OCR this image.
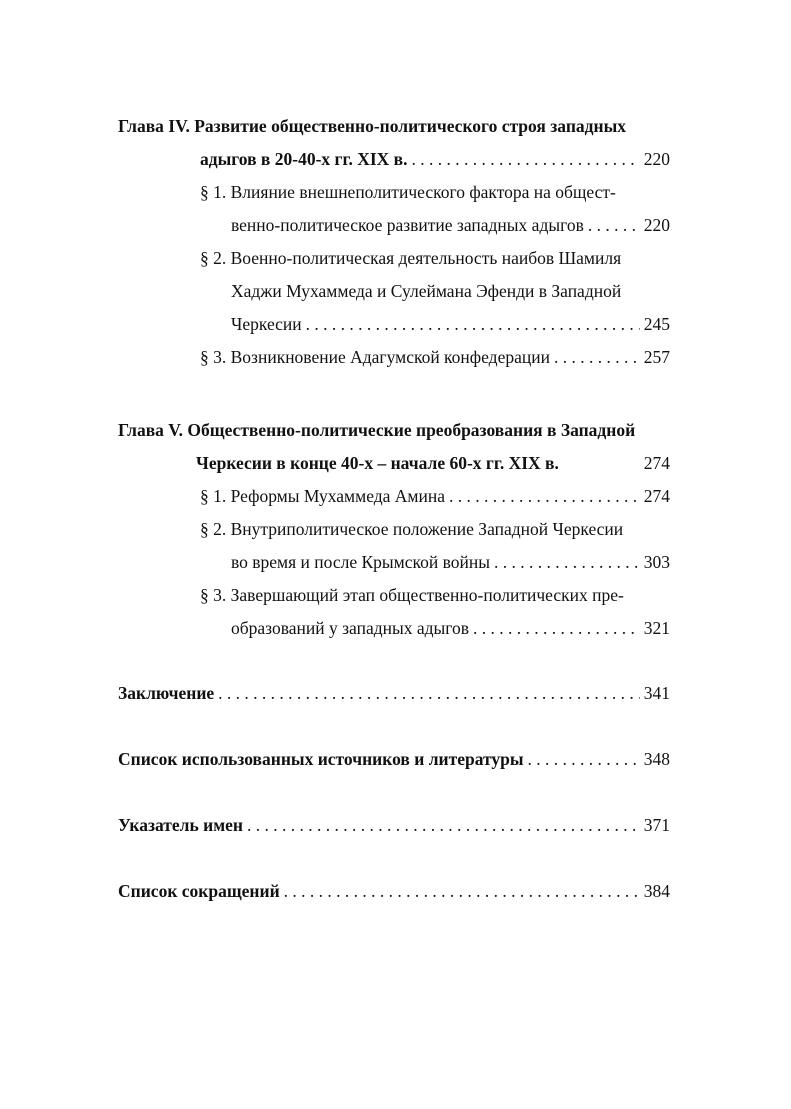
Глава IV. Развитие общественно-политического строя западных
адыгов в 20-40-х гг. XIX в. . . .	220
§ 1. Влияние внешнеполитического фактора на общест-
венно-политическое развитие западных адыгов . . .	220
§ 2. Военно-политическая деятельность наибов Шамиля
Хаджи Мухаммеда и Сулеймана Эфенди в Западной
Черкесии . . .	245
§ 3. Возникновение Адагумской конфедерации . . .	257
Глава V. Общественно-политические преобразования в Западной
Черкесии в конце 40-х – начале 60-х гг. XIX в.	274
§ 1. Реформы Мухаммеда Амина . . .	274
§ 2. Внутриполитическое положение Западной Черкесии
во время и после Крымской войны . . .	303
§ 3. Завершающий этап общественно-политических пре-
образований у западных адыгов . . .	321
Заключение . . .	341
Список использованных источников и литературы . . .	348
Указатель имен . . .	371
Список сокращений . . .	384
